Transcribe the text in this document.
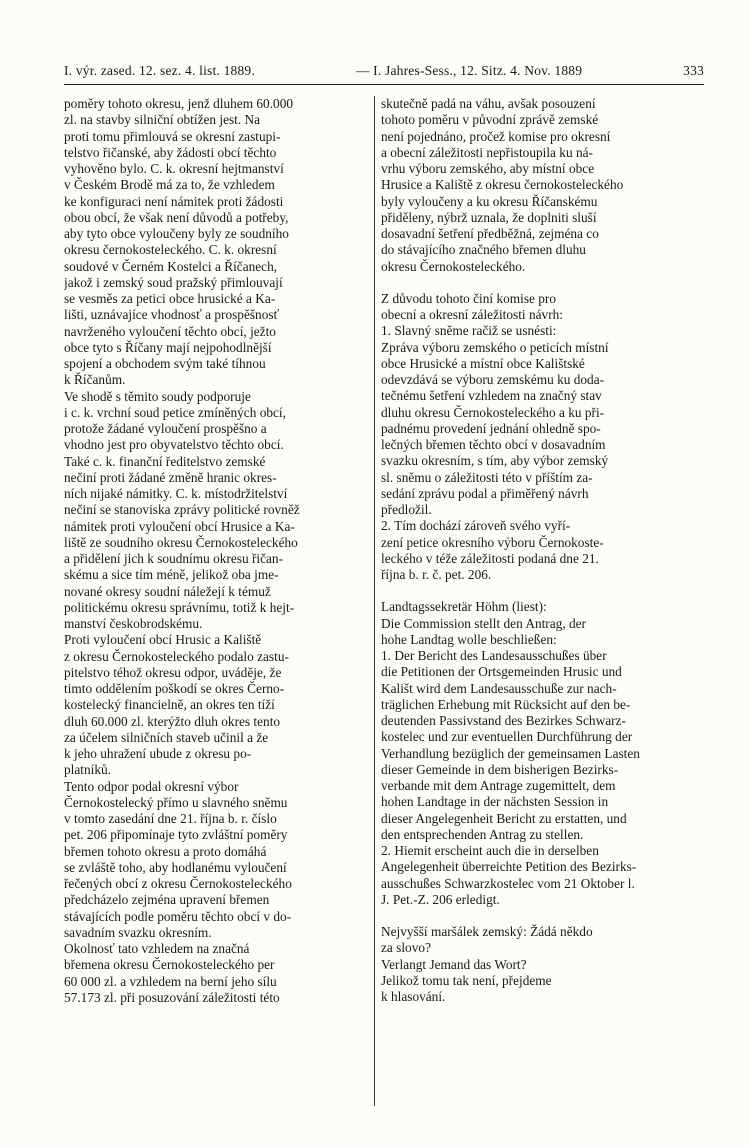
I. výr. zased. 12. sez. 4. list. 1889.	— I. Jahres-Sess., 12. Sitz. 4. Nov. 1889	333
poměry tohoto okresu, jenž dluhem 60.000
zl. na stavby silniční obtížen jest. Na
proti tomu přimlouvá se okresní zastupi-
telstvo řičanské, aby žádosti obcí těchto
vyhověno bylo. C. k. okresní hejtmanství
v Českém Brodě má za to, že vzhledem
ke konfiguraci není námitek proti žádosti
obou obcí, že však není důvodů a potřeby,
aby tyto obce vyloučeny byly ze soudního
okresu černokosteleckého. C. k. okresní
soudové v Černém Kostelci a Říčanech,
jakož i zemský soud pražský přimlouvají
se vesměs za petici obce hrusické a Ka-
lišti, uznávajíce vhodnosť a prospěšnosť
navrženého vyloučení těchto obcí, ježto
obce tyto s Říčany mají nejpohodlnější
spojení a obchodem svým také tíhnou
k Říčanům.
Ve shodě s těmito soudy podporuje
i c. k. vrchní soud petice zmíněných obcí,
protože žádané vyloučení prospěšno a
vhodno jest pro obyvatelstvo těchto obcí.
Také c. k. finanční ředitelstvo zemské
nečiní proti žádané změně hranic okres-
ních nijaké námitky. C. k. místodržitelství
nečiní se stanoviska zprávy politické rovněž
námitek proti vyloučení obcí Hrusice a Ka-
liště ze soudního okresu Černokosteleckého
a přidělení jich k soudnímu okresu řičan-
skému a sice tím méně, jelikož oba jme-
nované okresy soudní náležejí k témuž
politickému okresu správnímu, totiž k hejt-
manství českobrodskému.
Proti vyloučení obcí Hrusic a Kaliště
z okresu Černokosteleckého podalo zastu-
pitelstvo téhož okresu odpor, uváděje, že
timto oddělením poškodí se okres Černo-
kostelecký financielně, an okres ten tíží
dluh 60.000 zl. kterýžto dluh okres tento
za účelem silničních staveb učinil a že
k jeho uhražení ubude z okresu po-
platníků.
Tento odpor podal okresní výbor
Černokostelecký přímo u slavného sněmu
v tomto zasedání dne 21. října b. r. číslo
pet. 206 připomínaje tyto zvláštní poměry
břemen tohoto okresu a proto domáhá
se zvláště toho, aby hodlanému vyloučení
řečených obcí z okresu Černokosteleckého
předcházelo zejména upravení břemen
stávajících podle poměru těchto obcí v do-
savadním svazku okresním.
Okolnosť tato vzhledem na značná
břemena okresu Černokosteleckého per
60 000 zl. a vzhledem na berní jeho sílu
57.173 zl. při posuzování záležitosti této
skutečně padá na váhu, avšak posouzení
tohoto poměru v původní zprávě zemské
není pojednáno, pročež komise pro okresní
a obecní záležitosti nepřistoupila ku ná-
vrhu výboru zemského, aby místní obce
Hrusice a Kaliště z okresu černokosteleckého
byly vyloučeny a ku okresu Říčanskému
přiděleny, nýbrž uznala, že doplniti sluší
dosavadní šetření předběžná, zejména co
do stávajícího značného břemen dluhu
okresu Černokosteleckého.
Z důvodu tohoto činí komise pro
obecní a okresní záležitosti návrh:
1. Slavný sněme račiž se usnésti:
Zpráva výboru zemského o peticích místní
obce Hrusické a místní obce Kalištské
odevzdává se výboru zemskému ku doda-
tečnému šetření vzhledem na značný stav
dluhu okresu Černokosteleckého a ku při-
padnému provedení jednání ohledně spo-
lečných břemen těchto obcí v dosavadním
svazku okresním, s tím, aby výbor zemský
sl. sněmu o záležitosti této v příštím za-
sedání zprávu podal a přiměřený návrh
předložil.
2. Tím dochází zároveň svého vyří-
zení petice okresního výboru Černokoste-
leckého v téže záležitosti podaná dne 21.
října b. r. č. pet. 206.
Landtagssekretär Höhm (liest):
Die Commission stellt den Antrag, der
hohe Landtag wolle beschließen:
1. Der Bericht des Landesausschußes über
die Petitionen der Ortsgemeinden Hrusic und
Kališt wird dem Landesausschuße zur nach-
träglichen Erhebung mit Rücksicht auf den be-
deutenden Passivstand des Bezirkes Schwarz-
kostelec und zur eventuellen Durchführung der
Verhandlung bezüglich der gemeinsamen Lasten
dieser Gemeinde in dem bisherigen Bezirks-
verbande mit dem Antrage zugemittelt, dem
hohen Landtage in der nächsten Session in
dieser Angelegenheit Bericht zu erstatten, und
den entsprechenden Antrag zu stellen.
2. Hiemit erscheint auch die in derselben
Angelegenheit überreichte Petition des Bezirks-
ausschußes Schwarzkostelec vom 21 Oktober l.
J. Pet.-Z. 206 erledigt.
Nejvyšší maršálek zemský: Žádá někdo
za slovo?
Verlangt Jemand das Wort?
Jelikož tomu tak není, přejdeme
k hlasování.
